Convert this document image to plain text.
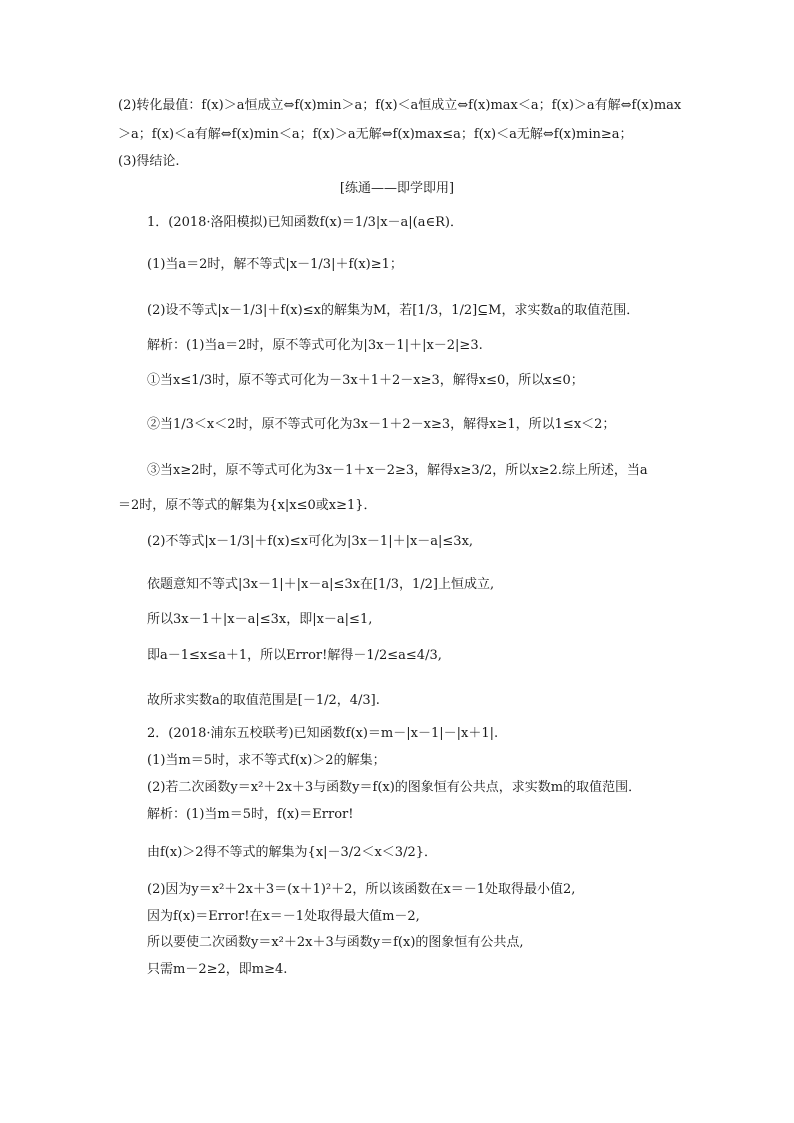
(2)转化最值：f(x)＞a恒成立⇔f(x)min＞a；f(x)＜a恒成立⇔f(x)max＜a；f(x)＞a有解⇔f(x)max
＞a；f(x)＜a有解⇔f(x)min＜a；f(x)＞a无解⇔f(x)max≤a；f(x)＜a无解⇔f(x)min≥a；
(3)得结论.
[练通——即学即用]
1．(2018·洛阳模拟)已知函数f(x)＝1/3|x－a|(a∈R)．
(1)当a＝2时，解不等式|x－1/3|＋f(x)≥1；
(2)设不等式|x－1/3|＋f(x)≤x的解集为M，若[1/3，1/2]⊆M，求实数a的取值范围．
解析：(1)当a＝2时，原不等式可化为|3x－1|＋|x－2|≥3.
①当x≤1/3时，原不等式可化为－3x＋1＋2－x≥3，解得x≤0，所以x≤0；
②当1/3＜x＜2时，原不等式可化为3x－1＋2－x≥3，解得x≥1，所以1≤x＜2；
③当x≥2时，原不等式可化为3x－1＋x－2≥3，解得x≥3/2，所以x≥2.综上所述，当a
＝2时，原不等式的解集为{x|x≤0或x≥1}．
(2)不等式|x－1/3|＋f(x)≤x可化为|3x－1|＋|x－a|≤3x,
依题意知不等式|3x－1|＋|x－a|≤3x在[1/3，1/2]上恒成立,
所以3x－1＋|x－a|≤3x，即|x－a|≤1,
即a－1≤x≤a＋1，所以Error!解得－1/2≤a≤4/3,
故所求实数a的取值范围是[－1/2，4/3].
2．(2018·浦东五校联考)已知函数f(x)＝m－|x－1|－|x＋1|.
(1)当m＝5时，求不等式f(x)＞2的解集；
(2)若二次函数y＝x²＋2x＋3与函数y＝f(x)的图象恒有公共点，求实数m的取值范围．
解析：(1)当m＝5时，f(x)＝Error!
由f(x)＞2得不等式的解集为{x|－3/2＜x＜3/2}．
(2)因为y＝x²＋2x＋3＝(x＋1)²＋2，所以该函数在x＝－1处取得最小值2,
因为f(x)＝Error!在x＝－1处取得最大值m－2,
所以要使二次函数y＝x²＋2x＋3与函数y＝f(x)的图象恒有公共点,
只需m－2≥2，即m≥4.
